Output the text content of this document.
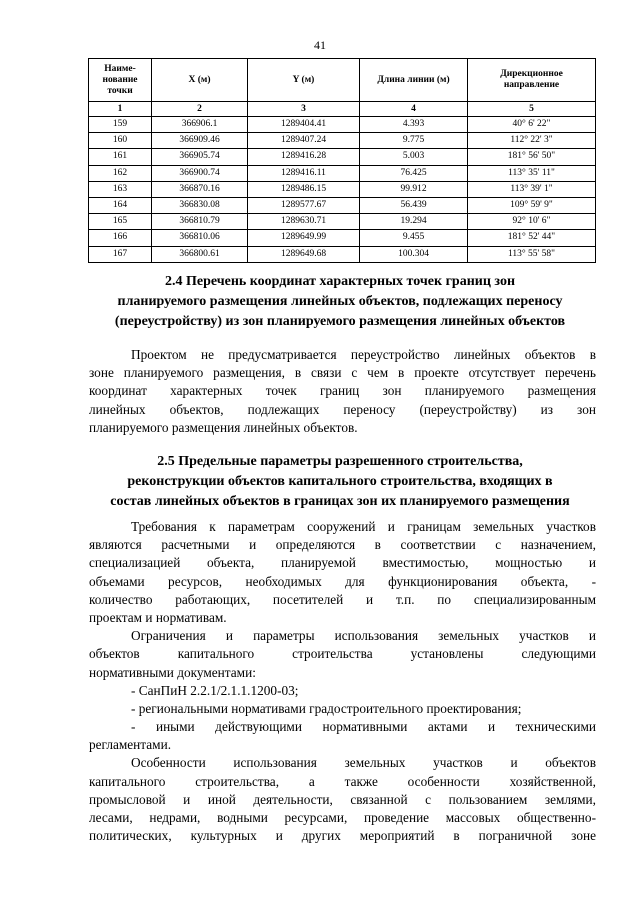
41
Наиме-
нование
точки	X (м)	Y (м)	Длина линии (м)	Дирекционное
направление
1	2	3	4	5
159	366906.1	1289404.41	4.393	40° 6' 22"
160	366909.46	1289407.24	9.775	112° 22' 3"
161	366905.74	1289416.28	5.003	181° 56' 50"
162	366900.74	1289416.11	76.425	113° 35' 11"
163	366870.16	1289486.15	99.912	113° 39' 1"
164	366830.08	1289577.67	56.439	109° 59' 9"
165	366810.79	1289630.71	19.294	92° 10' 6"
166	366810.06	1289649.99	9.455	181° 52' 44"
167	366800.61	1289649.68	100.304	113° 55' 58"
2.4 Перечень координат характерных точек границ зон
планируемого размещения линейных объектов, подлежащих переносу
(переустройству) из зон планируемого размещения линейных объектов
Проектом не предусматривается переустройство линейных объектов в
зоне планируемого размещения, в связи с чем в проекте отсутствует перечень
координат характерных точек границ зон планируемого размещения
линейных объектов, подлежащих переносу (переустройству) из зон
планируемого размещения линейных объектов.
2.5 Предельные параметры разрешенного строительства,
реконструкции объектов капитального строительства, входящих в
состав линейных объектов в границах зон их планируемого размещения
Требования к параметрам сооружений и границам земельных участков
являются расчетными и определяются в соответствии с назначением,
специализацией объекта, планируемой вместимостью, мощностью и
объемами ресурсов, необходимых для функционирования объекта, -
количество работающих, посетителей и т.п. по специализированным
проектам и нормативам.
Ограничения и параметры использования земельных участков и
объектов капитального строительства установлены следующими
нормативными документами:
- СанПиН 2.2.1/2.1.1.1200-03;
- региональными нормативами градостроительного проектирования;
- иными действующими нормативными актами и техническими
регламентами.
Особенности использования земельных участков и объектов
капитального строительства, а также особенности хозяйственной,
промысловой и иной деятельности, связанной с пользованием землями,
лесами, недрами, водными ресурсами, проведение массовых общественно-
политических, культурных и других мероприятий в пограничной зоне
